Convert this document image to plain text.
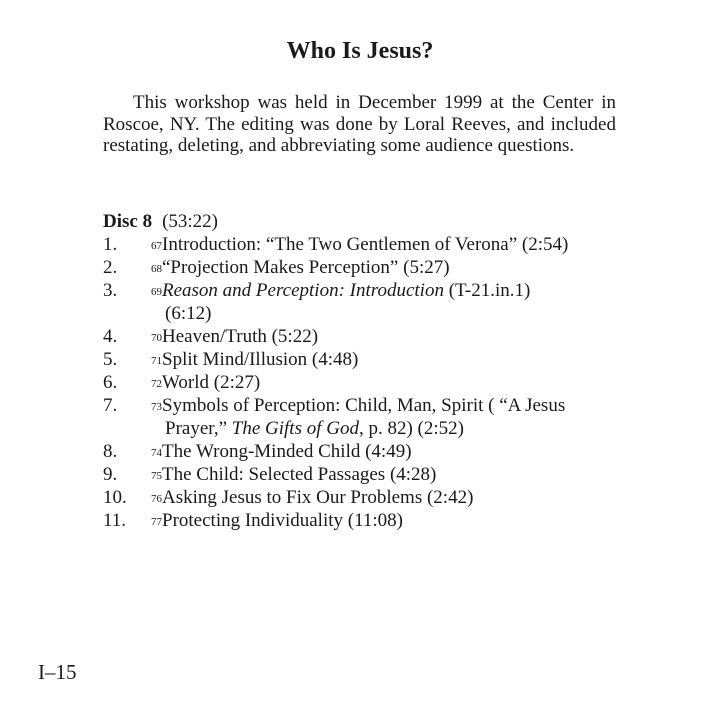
Who Is Jesus?

This workshop was held in December 1999 at the Center in Roscoe, NY. The editing was done by Loral Reeves, and included restating, deleting, and abbreviating some audience questions.

Disc 8 (53:22)
1.	$^{67}$Introduction: “The Two Gentlemen of Verona” (2:54)
2.	$^{68}$“Projection Makes Perception” (5:27)
3.	$^{69}$Reason and Perception: Introduction (T-21.in.1)
(6:12)
4.	$^{70}$Heaven/Truth (5:22)
5.	$^{71}$Split Mind/Illusion (4:48)
6.	$^{72}$World (2:27)
7.	$^{73}$Symbols of Perception: Child, Man, Spirit ( “A Jesus
Prayer,” The Gifts of God, p. 82) (2:52)
8.	$^{74}$The Wrong-Minded Child (4:49)
9.	$^{75}$The Child: Selected Passages (4:28)
10. $^{76}$Asking Jesus to Fix Our Problems (2:42)
11. $^{77}$Protecting Individuality (11:08)
I–15
